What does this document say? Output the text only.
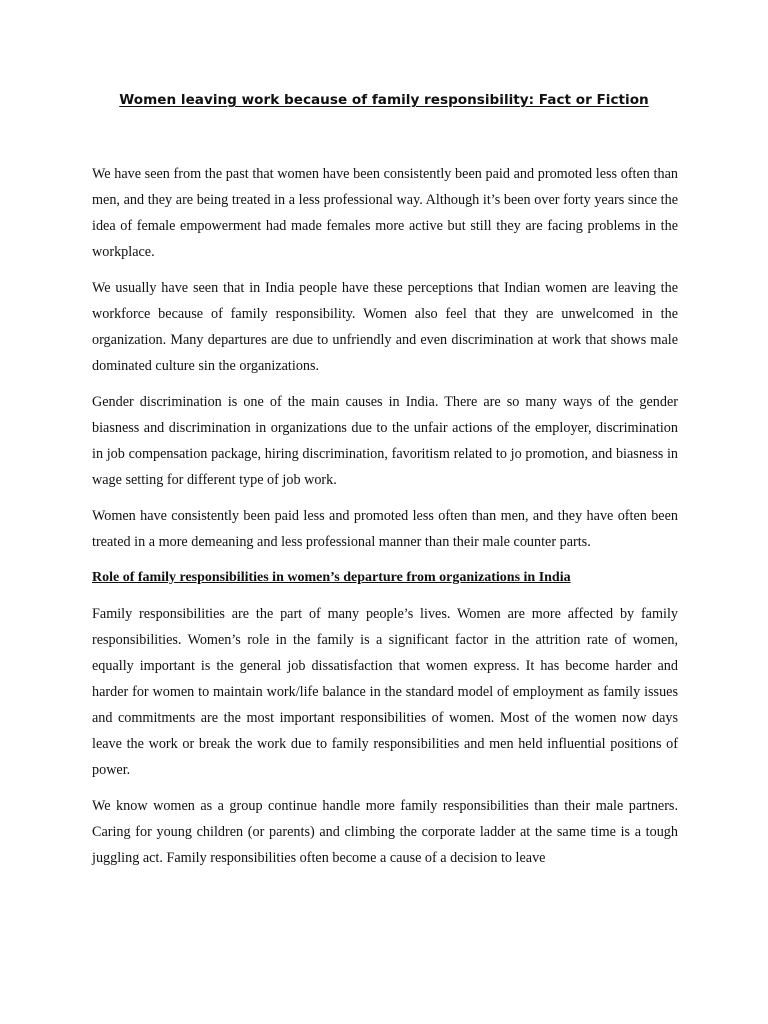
Women leaving work because of family responsibility: Fact or Fiction

We have seen from the past that women have been consistently been paid and promoted less often than men, and they are being treated in a less professional way. Although it’s been over forty years since the idea of female empowerment had made females more active but still they are facing problems in the workplace.

We usually have seen that in India people have these perceptions that Indian women are leaving the workforce because of family responsibility. Women also feel that they are unwelcomed in the organization. Many departures are due to unfriendly and even discrimination at work that shows male dominated culture sin the organizations.

Gender discrimination is one of the main causes in India. There are so many ways of the gender biasness and discrimination in organizations due to the unfair actions of the employer, discrimination in job compensation package, hiring discrimination, favoritism related to jo promotion, and biasness in wage setting for different type of job work.

Women have consistently been paid less and promoted less often than men, and they have often been treated in a more demeaning and less professional manner than their male counter parts.

Role of family responsibilities in women’s departure from organizations in India

Family responsibilities are the part of many people’s lives. Women are more affected by family responsibilities. Women’s role in the family is a significant factor in the attrition rate of women, equally important is the general job dissatisfaction that women express. It has become harder and harder for women to maintain work/life balance in the standard model of employment as family issues and commitments are the most important responsibilities of women. Most of the women now days leave the work or break the work due to family responsibilities and men held influential positions of power.

We know women as a group continue handle more family responsibilities than their male partners. Caring for young children (or parents) and climbing the corporate ladder at the same time is a tough juggling act. Family responsibilities often become a cause of a decision to leave
